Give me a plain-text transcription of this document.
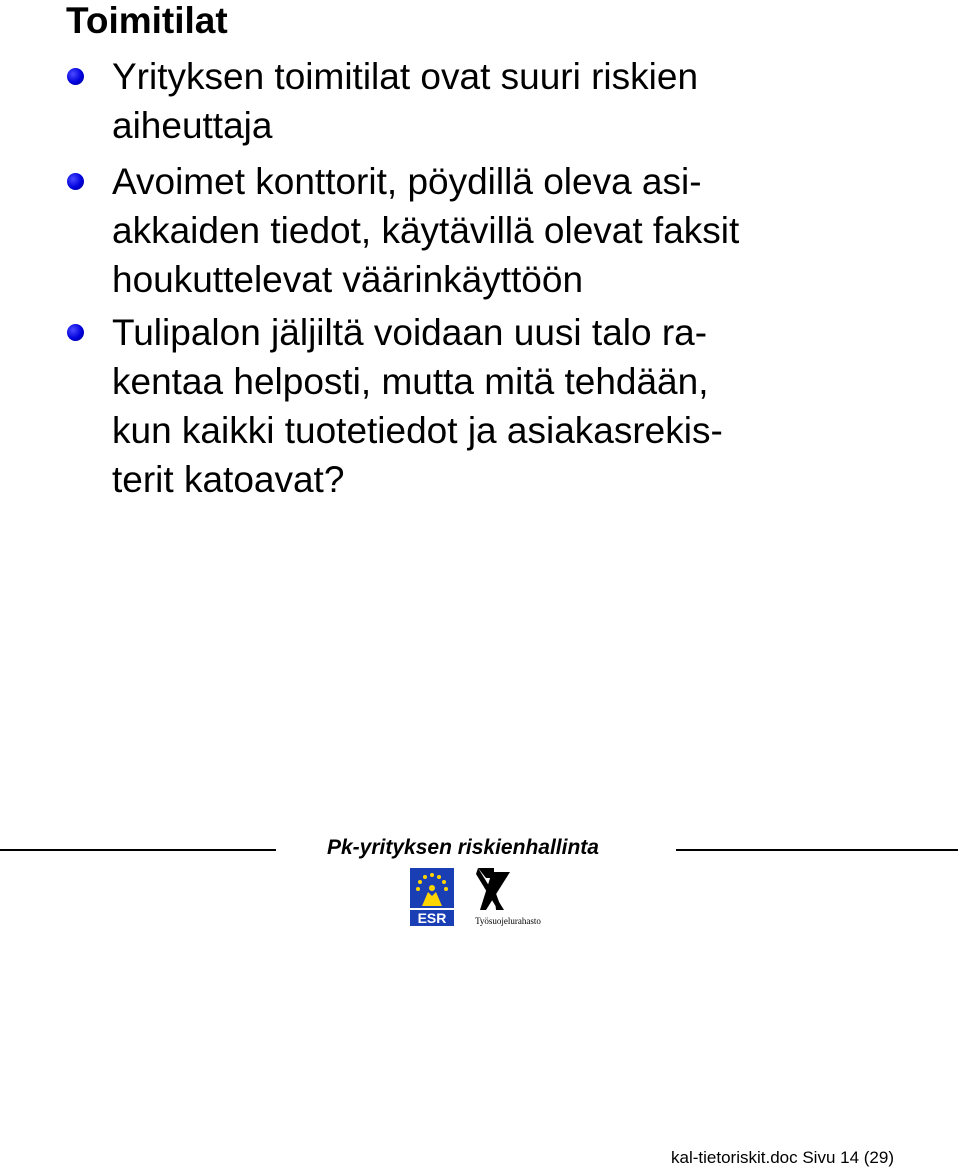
Toimitilat
Yrityksen toimitilat ovat suuri riskien
aiheuttaja
Avoimet konttorit, pöydillä oleva asi-
akkaiden tiedot, käytävillä olevat faksit
houkuttelevat väärinkäyttöön
Tulipalon jäljiltä voidaan uusi talo ra-
kentaa helposti, mutta mitä tehdään,
kun kaikki tuotetiedot ja asiakasrekis-
terit katoavat?
Pk-yrityksen riskienhallinta
ESR	Työsuojelurahasto
kal-tietoriskit.doc Sivu 14 (29)
